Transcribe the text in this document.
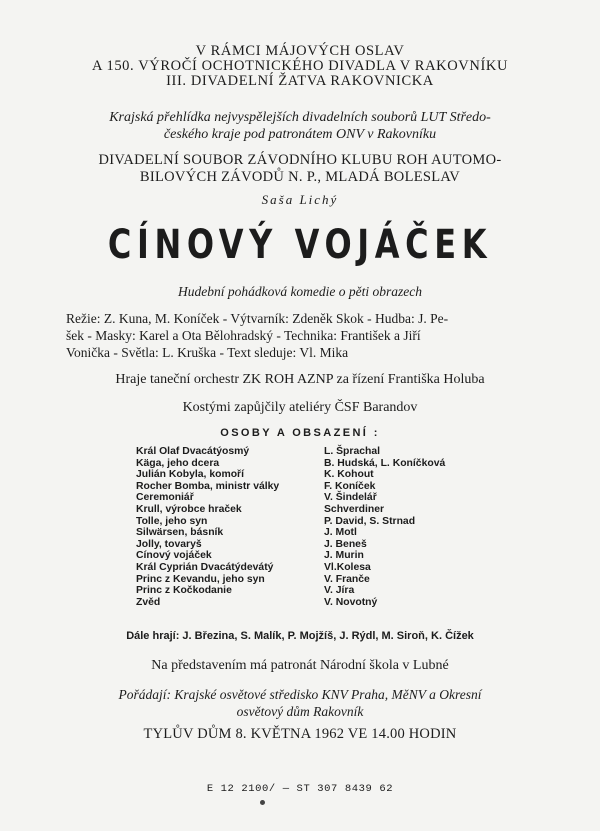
V RÁMCI MÁJOVÝCH OSLAV
A 150. VÝROČÍ OCHOTNICKÉHO DIVADLA V RAKOVNÍKU
III. DIVADELNÍ ŽATVA RAKOVNICKA
Krajská přehlídka nejvyspělejších divadelních souborů LUT Středo-
českého kraje pod patronátem ONV v Rakovníku
DIVADELNÍ SOUBOR ZÁVODNÍHO KLUBU ROH AUTOMO-
BILOVÝCH ZÁVODŮ N. P., MLADÁ BOLESLAV
Saša Lichý
CÍNOVÝ VOJÁČEK
Hudební pohádková komedie o pěti obrazech
Režie: Z. Kuna, M. Koníček - Výtvarník: Zdeněk Skok - Hudba: J. Pe-
šek - Masky: Karel a Ota Bělohradský - Technika: František a Jiří
Vonička - Světla: L. Kruška - Text sleduje: Vl. Mika
Hraje taneční orchestr ZK ROH AZNP za řízení Františka Holuba
Kostými zapůjčily ateliéry ČSF Barandov
OSOBY A OBSAZENÍ :
Král Olaf Dvacátýosmý	L. Šprachal
Käga, jeho dcera	B. Hudská, L. Koníčková
Julián Kobyla, komoří	K. Kohout
Rocher Bomba, ministr války	F. Koníček
Ceremoniář	V. Šindelář
Krull, výrobce hraček	Schverdiner
Tolle, jeho syn	P. David, S. Strnad
Silwärsen, básník	J. Motl
Jolly, tovaryš	J. Beneš
Cínový vojáček	J. Murin
Král Cyprián Dvacátýdevátý	Vl.Kolesa
Princ z Kevandu, jeho syn	V. Franče
Princ z Kočkodanie	V. Jíra
Zvěd	V. Novotný
Dále hrají: J. Březina, S. Malík, P. Mojžíš, J. Rýdl, M. Siroň, K. Čížek
Na představením má patronát Národní škola v Lubné
Pořádají: Krajské osvětové středisko KNV Praha, MěNV a Okresní
osvětový dům Rakovník
TYLŮV DŮM 8. KVĚTNA 1962 VE 14.00 HODIN
E 12 2100/ — ST 307 8439 62
